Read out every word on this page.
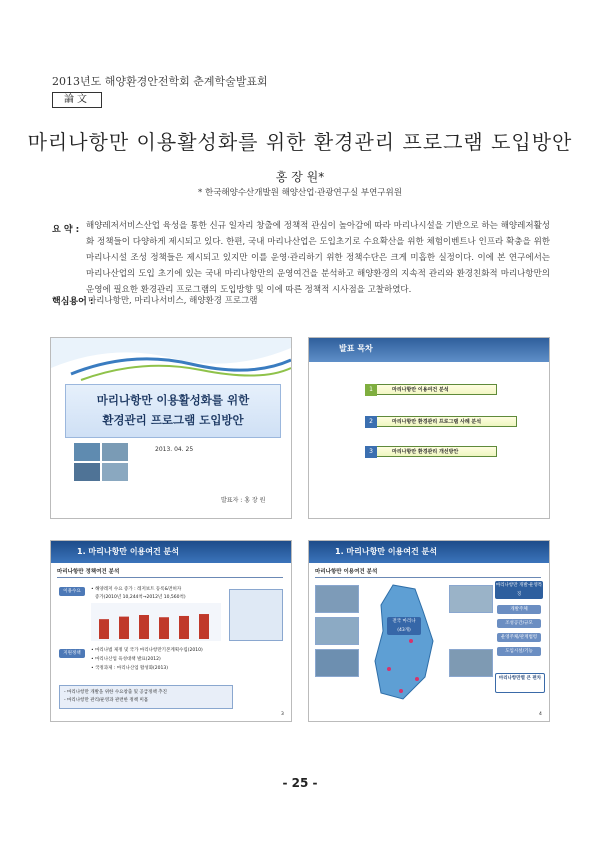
2013년도 해양환경안전학회 춘계학술발표회
論文
마리나항만 이용활성화를 위한 환경관리 프로그램 도입방안
홍 장 원*
* 한국해양수산개발원 해양산업·관광연구실 부연구위원
요 약 : 해양레저서비스산업 육성을 통한 신규 일자리 창출에 정책적 관심이 높아감에 따라 마리나시설을 기반으로 하는 해양레저활성화 정책들이 다양하게 제시되고 있다. 한편, 국내 마리나산업은 도입초기로 수요확산을 위한 체험이벤트나 인프라 확충을 위한 마리나시설 조성 정책들은 제시되고 있지만 이를 운영·관리하기 위한 정책수단은 크게 미흡한 실정이다. 이에 본 연구에서는 마리나산업의 도입 초기에 있는 국내 마리나항만의 운영여건을 분석하고 해양환경의 지속적 관리와 환경친화적 마리나항만의 운영에 필요한 환경관리 프로그램의 도입방향 및 이에 따른 정책적 시사점을 고찰하였다.
핵심용어 :
마리나항만, 마리나서비스, 해양환경 프로그램
마리나항만 이용활성화를 위한
환경관리 프로그램 도입방안
2013. 04. 25
발표자 : 홍 장 원
발표 목차
마리나항만 이용여건 분석
1
마리나항만 환경관리 프로그램 사례 분석
2
마리나항만 환경관리 개선방안
3
1. 마리나항만 이용여건 분석
마리나항만 정책여건 분석
이용수요	• 해양레저 수요 증가 : 레저보트 등록&면허자
증가(2010년 10,244척→2012년 10,560척)
지원정책
• 마리나법 제정 및 국가 마리나항만기본계획수립(2010)
• 마리나산업 육성대책 발표(2012)
• 국정과제 : 마리나산업 활성화(2013)
- 마리나항만 개발을 위한 수요창출 및 공급정책 추진
- 마리나항만 관리/운영과 관련한 정책 미흡
3
1. 마리나항만 이용여건 분석
마리나항만 이용여건 분석
전국 마리나
(43개)
마리나항만 개발·운영특징
개발주체
조성공간/규모
운영주체/관계법령
도입시설/기능
마리나항만별 큰 편차
4
- 25 -
